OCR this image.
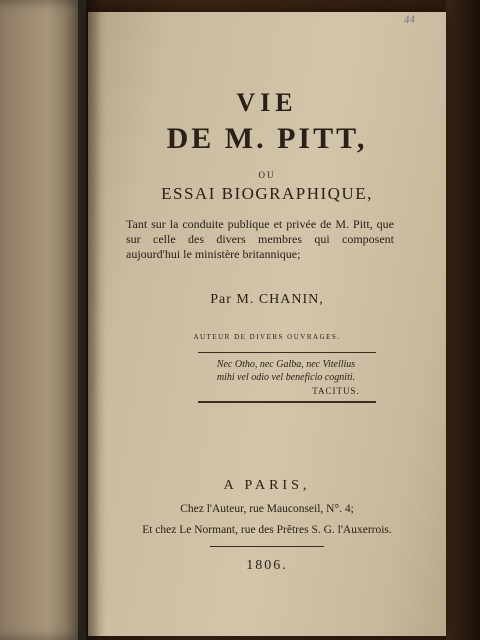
44
VIE
DE M. PITT,
OU
ESSAI BIOGRAPHIQUE,
Tant sur la conduite publique et privée de M. Pitt, que sur celle des divers membres qui composent aujourd'hui le ministère britannique;
Par M. CHANIN,
AUTEUR DE DIVERS OUVRAGES.
Nec Otho, nec Galba, nec Vitellius
mihi vel odio vel beneficio cogniti.
TACITUS.
A PARIS,
Chez l'Auteur, rue Mauconseil, N°. 4;
Et chez Le Normant, rue des Prêtres S. G. l'Auxerrois.
1806.
